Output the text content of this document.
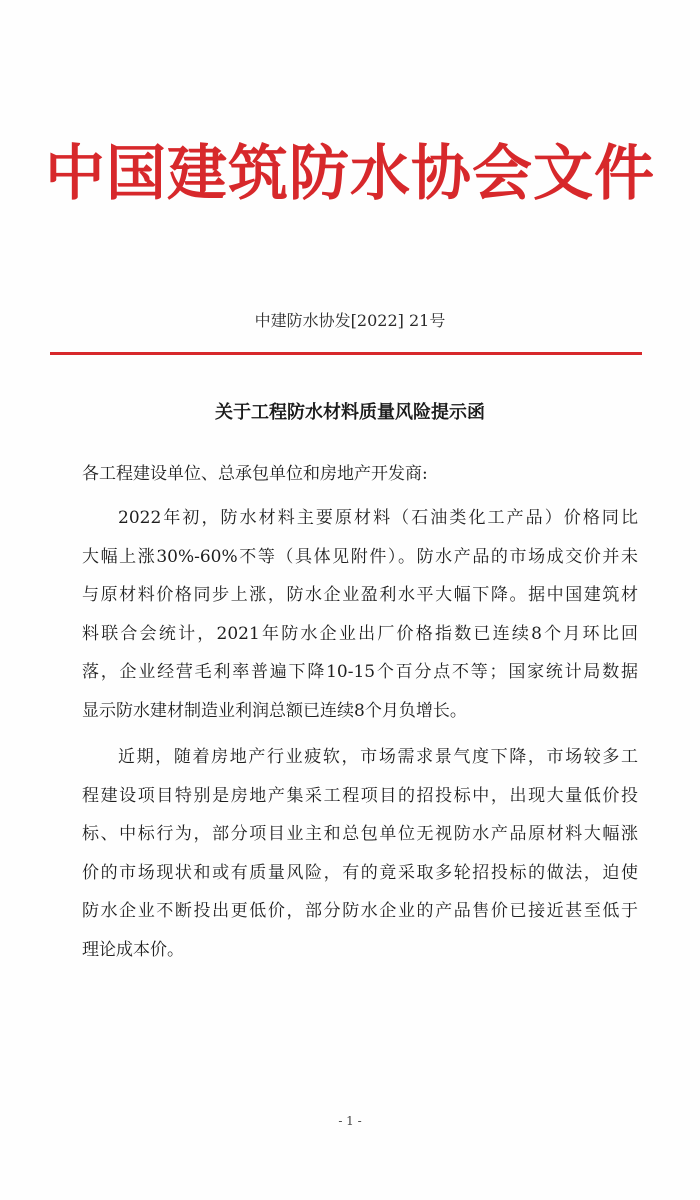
中国建筑防水协会文件
中建防水协发[2022] 21号
关于工程防水材料质量风险提示函

各工程建设单位、总承包单位和房地产开发商:

2022年初，防水材料主要原材料（石油类化工产品）价格同比
大幅上涨30%-60%不等（具体见附件）。防水产品的市场成交价并未
与原材料价格同步上涨，防水企业盈利水平大幅下降。据中国建筑材
料联合会统计，2021年防水企业出厂价格指数已连续8个月环比回
落，企业经营毛利率普遍下降10-15个百分点不等；国家统计局数据
显示防水建材制造业利润总额已连续8个月负增长。

近期，随着房地产行业疲软，市场需求景气度下降，市场较多工
程建设项目特别是房地产集采工程项目的招投标中，出现大量低价投
标、中标行为，部分项目业主和总包单位无视防水产品原材料大幅涨
价的市场现状和或有质量风险，有的竟采取多轮招投标的做法，迫使
防水企业不断投出更低价，部分防水企业的产品售价已接近甚至低于
理论成本价。

- 1 -
